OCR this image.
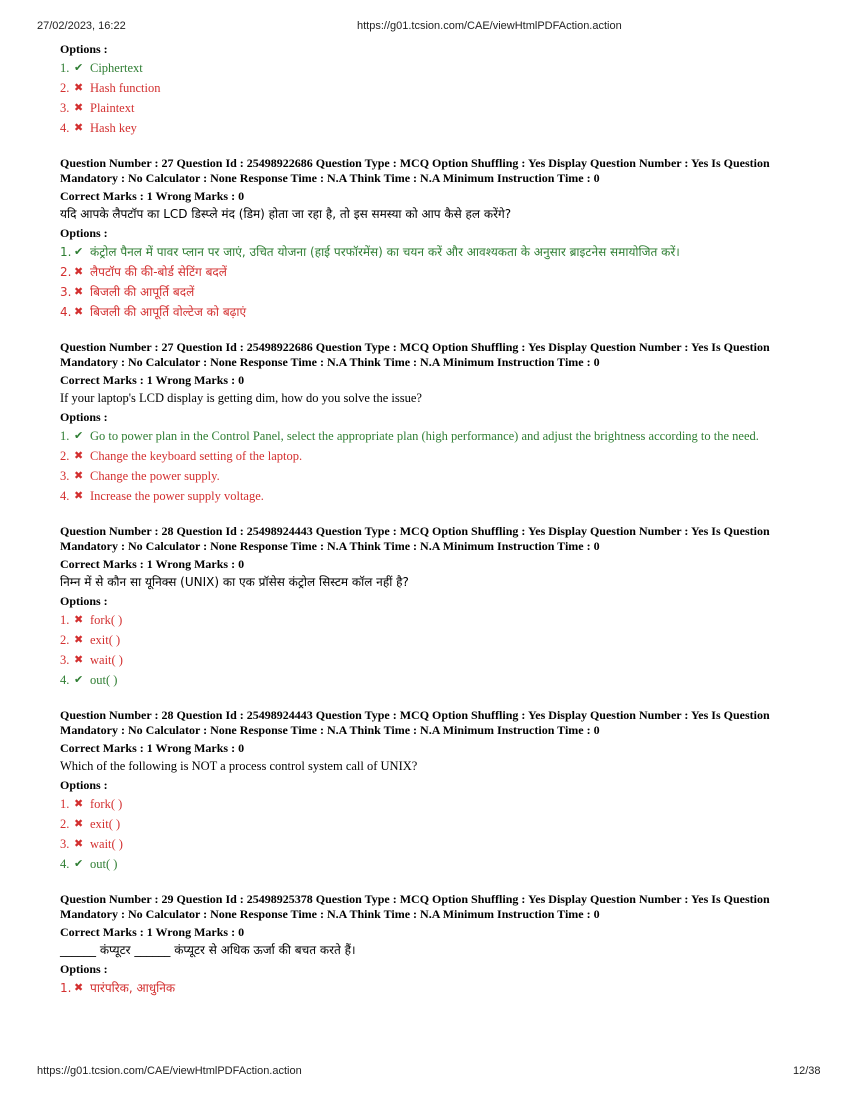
27/02/2023, 16:22	https://g01.tcsion.com/CAE/viewHtmlPDFAction.action
Options :
1. ✔ Ciphertext
2. ✖ Hash function
3. ✖ Plaintext
4. ✖ Hash key
Question Number : 27 Question Id : 25498922686 Question Type : MCQ Option Shuffling : Yes Display Question Number : Yes Is Question Mandatory : No Calculator : None Response Time : N.A Think Time : N.A Minimum Instruction Time : 0
Correct Marks : 1 Wrong Marks : 0
यदि आपके लैपटॉप का LCD डिस्प्ले मंद (डिम) होता जा रहा है, तो इस समस्या को आप कैसे हल करेंगे?
Options :
1. ✔ कंट्रोल पैनल में पावर प्लान पर जाएं, उचित योजना (हाई परफॉरमेंस) का चयन करें और आवश्यकता के अनुसार ब्राइटनेस समायोजित करें।
2. ✖ लैपटॉप की की-बोर्ड सेटिंग बदलें
3. ✖ बिजली की आपूर्ति बदलें
4. ✖ बिजली की आपूर्ति वोल्टेज को बढ़ाएं
Question Number : 27 Question Id : 25498922686 Question Type : MCQ Option Shuffling : Yes Display Question Number : Yes Is Question Mandatory : No Calculator : None Response Time : N.A Think Time : N.A Minimum Instruction Time : 0
Correct Marks : 1 Wrong Marks : 0
If your laptop's LCD display is getting dim, how do you solve the issue?
Options :
1. ✔ Go to power plan in the Control Panel, select the appropriate plan (high performance) and adjust the brightness according to the need.
2. ✖ Change the keyboard setting of the laptop.
3. ✖ Change the power supply.
4. ✖ Increase the power supply voltage.
Question Number : 28 Question Id : 25498924443 Question Type : MCQ Option Shuffling : Yes Display Question Number : Yes Is Question Mandatory : No Calculator : None Response Time : N.A Think Time : N.A Minimum Instruction Time : 0
Correct Marks : 1 Wrong Marks : 0
निम्न में से कौन सा यूनिक्स (UNIX) का एक प्रॉसेस कंट्रोल सिस्टम कॉल नहीं है?
Options :
1. ✖ fork( )
2. ✖ exit( )
3. ✖ wait( )
4. ✔ out( )
Question Number : 28 Question Id : 25498924443 Question Type : MCQ Option Shuffling : Yes Display Question Number : Yes Is Question Mandatory : No Calculator : None Response Time : N.A Think Time : N.A Minimum Instruction Time : 0
Correct Marks : 1 Wrong Marks : 0
Which of the following is NOT a process control system call of UNIX?
Options :
1. ✖ fork( )
2. ✖ exit( )
3. ✖ wait( )
4. ✔ out( )
Question Number : 29 Question Id : 25498925378 Question Type : MCQ Option Shuffling : Yes Display Question Number : Yes Is Question Mandatory : No Calculator : None Response Time : N.A Think Time : N.A Minimum Instruction Time : 0
Correct Marks : 1 Wrong Marks : 0
______ कंप्यूटर ______ कंप्यूटर से अधिक ऊर्जा की बचत करते हैं।
Options :
1. ✖ पारंपरिक, आधुनिक
https://g01.tcsion.com/CAE/viewHtmlPDFAction.action	12/38
